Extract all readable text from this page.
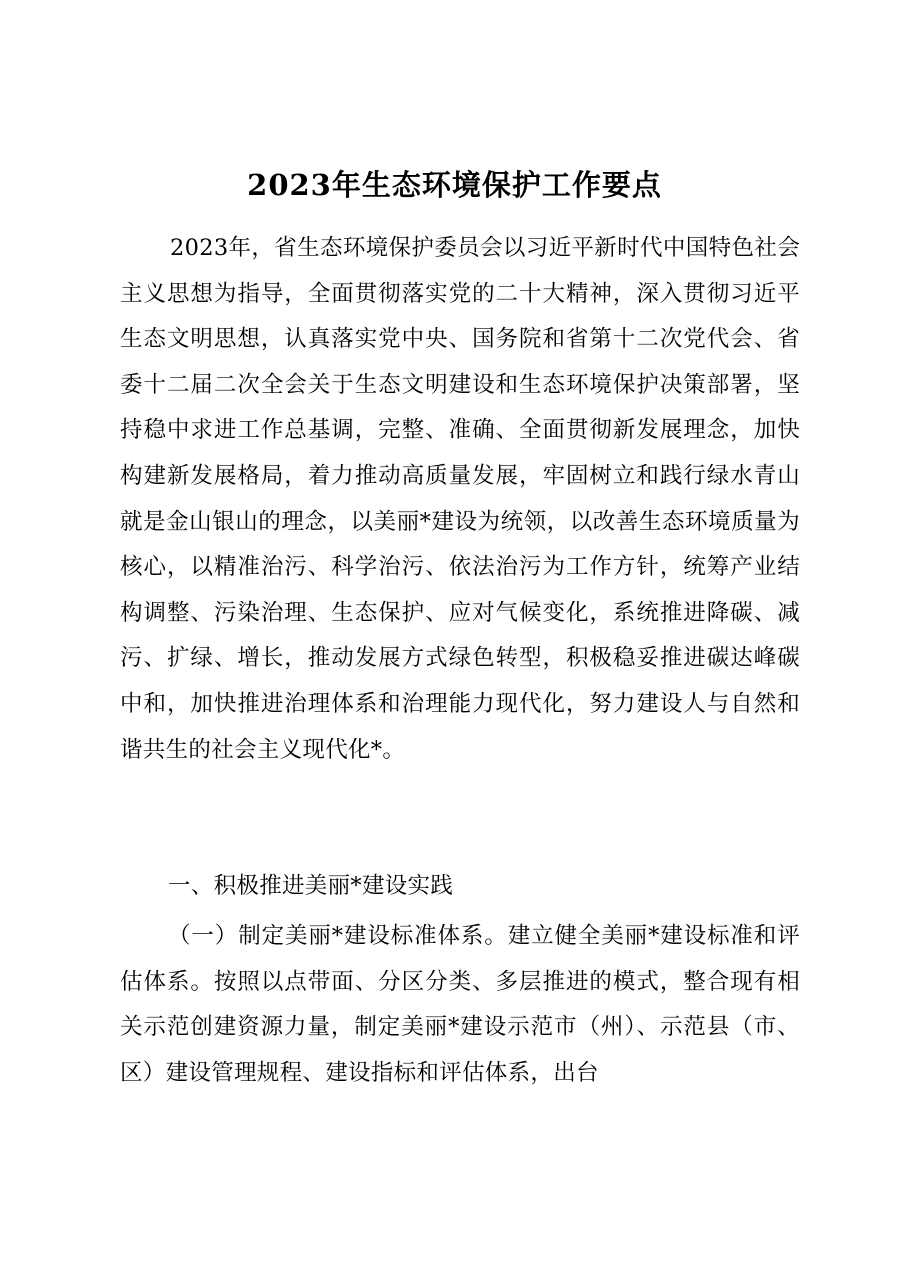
2023年生态环境保护工作要点
2023年，省生态环境保护委员会以习近平新时代中国特色社会主义思想为指导，全面贯彻落实党的二十大精神，深入贯彻习近平生态文明思想，认真落实党中央、国务院和省第十二次党代会、省委十二届二次全会关于生态文明建设和生态环境保护决策部署，坚持稳中求进工作总基调，完整、准确、全面贯彻新发展理念，加快构建新发展格局，着力推动高质量发展，牢固树立和践行绿水青山就是金山银山的理念，以美丽*建设为统领，以改善生态环境质量为核心，以精准治污、科学治污、依法治污为工作方针，统筹产业结构调整、污染治理、生态保护、应对气候变化，系统推进降碳、减污、扩绿、增长，推动发展方式绿色转型，积极稳妥推进碳达峰碳中和，加快推进治理体系和治理能力现代化，努力建设人与自然和谐共生的社会主义现代化*。
一、积极推进美丽*建设实践
（一）制定美丽*建设标准体系。建立健全美丽*建设标准和评估体系。按照以点带面、分区分类、多层推进的模式，整合现有相关示范创建资源力量，制定美丽*建设示范市（州）、示范县（市、区）建设管理规程、建设指标和评估体系，出台
